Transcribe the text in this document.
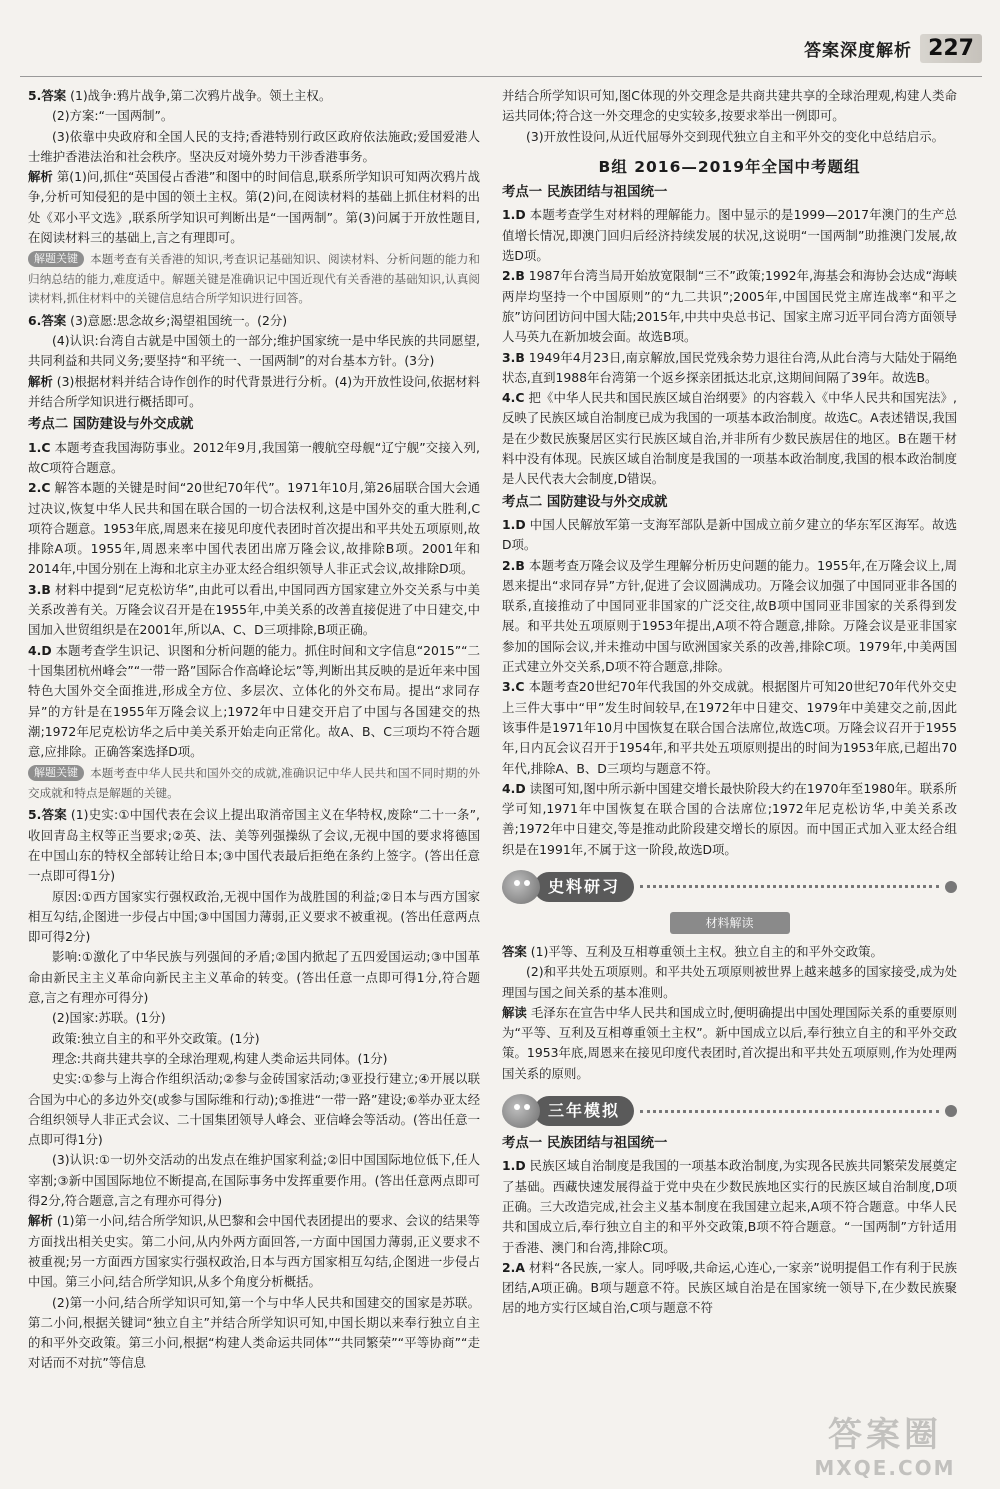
答案深度解析 227

5.答案 (1)战争:鸦片战争,第二次鸦片战争。领土主权。

(2)方案:“一国两制”。

(3)依靠中央政府和全国人民的支持;香港特别行政区政府依法施政;爱国爱港人士维护香港法治和社会秩序。坚决反对境外势力干涉香港事务。

解析 第(1)问,抓住“英国侵占香港”和图中的时间信息,联系所学知识可知两次鸦片战争,分析可知侵犯的是中国的领土主权。第(2)问,在阅读材料的基础上抓住材料的出处《邓小平文选》,联系所学知识可判断出是“一国两制”。第(3)问属于开放性题目,在阅读材料三的基础上,言之有理即可。

解题关键 本题考查有关香港的知识,考查识记基础知识、阅读材料、分析问题的能力和归纳总结的能力,难度适中。解题关键是准确识记中国近现代有关香港的基础知识,认真阅读材料,抓住材料中的关键信息结合所学知识进行回答。

6.答案 (3)意愿:思念故乡;渴望祖国统一。(2分)

(4)认识:台湾自古就是中国领土的一部分;维护国家统一是中华民族的共同愿望,共同利益和共同义务;要坚持“和平统一、一国两制”的对台基本方针。(3分)

解析 (3)根据材料并结合诗作创作的时代背景进行分析。(4)为开放性设问,依据材料并结合所学知识进行概括即可。

考点二 国防建设与外交成就

1.C 本题考查我国海防事业。2012年9月,我国第一艘航空母舰“辽宁舰”交接入列,故C项符合题意。

2.C 解答本题的关键是时间“20世纪70年代”。1971年10月,第26届联合国大会通过决议,恢复中华人民共和国在联合国的一切合法权利,这是中国外交的重大胜利,C项符合题意。1953年底,周恩来在接见印度代表团时首次提出和平共处五项原则,故排除A项。1955年,周恩来率中国代表团出席万隆会议,故排除B项。2001年和2014年,中国分别在上海和北京主办亚太经合组织领导人非正式会议,故排除D项。

3.B 材料中提到“尼克松访华”,由此可以看出,中国同西方国家建立外交关系与中美关系改善有关。万隆会议召开是在1955年,中美关系的改善直接促进了中日建交,中国加入世贸组织是在2001年,所以A、C、D三项排除,B项正确。

4.D 本题考查学生识记、识图和分析问题的能力。抓住时间和文字信息“2015”“二十国集团杭州峰会”“一带一路”国际合作高峰论坛”等,判断出其反映的是近年来中国特色大国外交全面推进,形成全方位、多层次、立体化的外交布局。提出“求同存异”的方针是在1955年万隆会议上;1972年中日建交开启了中国与各国建交的热潮;1972年尼克松访华之后中美关系开始走向正常化。故A、B、C三项均不符合题意,应排除。正确答案选择D项。

解题关键 本题考查中华人民共和国外交的成就,准确识记中华人民共和国不同时期的外交成就和特点是解题的关键。

5.答案 (1)史实:①中国代表在会议上提出取消帝国主义在华特权,废除“二十一条”,收回青岛主权等正当要求;②英、法、美等列强操纵了会议,无视中国的要求将德国在中国山东的特权全部转让给日本;③中国代表最后拒绝在条约上签字。(答出任意一点即可得1分)

原因:①西方国家实行强权政治,无视中国作为战胜国的利益;②日本与西方国家相互勾结,企图进一步侵占中国;③中国国力薄弱,正义要求不被重视。(答出任意两点即可得2分)

影响:①激化了中华民族与列强间的矛盾;②国内掀起了五四爱国运动;③中国革命由新民主主义革命向新民主主义革命的转变。(答出任意一点即可得1分,符合题意,言之有理亦可得分)

(2)国家:苏联。(1分)

政策:独立自主的和平外交政策。(1分)

理念:共商共建共享的全球治理观,构建人类命运共同体。(1分)

史实:①参与上海合作组织活动;②参与金砖国家活动;③亚投行建立;④开展以联合国为中心的多边外交(或参与国际维和行动);⑤推进“一带一路”建设;⑥举办亚太经合组织领导人非正式会议、二十国集团领导人峰会、亚信峰会等活动。(答出任意一点即可得1分)

(3)认识:①一切外交活动的出发点在维护国家利益;②旧中国国际地位低下,任人宰割;③新中国国际地位不断提高,在国际事务中发挥重要作用。(答出任意两点即可得2分,符合题意,言之有理亦可得分)

解析 (1)第一小问,结合所学知识,从巴黎和会中国代表团提出的要求、会议的结果等方面找出相关史实。第二小问,从内外两方面回答,一方面中国国力薄弱,正义要求不被重视;另一方面西方国家实行强权政治,日本与西方国家相互勾结,企图进一步侵占中国。第三小问,结合所学知识,从多个角度分析概括。

(2)第一小问,结合所学知识可知,第一个与中华人民共和国建交的国家是苏联。第二小问,根据关键词“独立自主”并结合所学知识可知,中国长期以来奉行独立自主的和平外交政策。第三小问,根据“构建人类命运共同体”“共同繁荣”“平等协商”“走对话而不对抗”等信息

并结合所学知识可知,图C体现的外交理念是共商共建共享的全球治理观,构建人类命运共同体;符合这一外交理念的史实较多,按要求举出一例即可。

(3)开放性设问,从近代屈辱外交到现代独立自主和平外交的变化中总结启示。

B组 2016—2019年全国中考题组
考点一 民族团结与祖国统一

1.D 本题考查学生对材料的理解能力。图中显示的是1999—2017年澳门的生产总值增长情况,即澳门回归后经济持续发展的状况,这说明“一国两制”助推澳门发展,故选D项。

2.B 1987年台湾当局开始放宽限制“三不”政策;1992年,海基会和海协会达成“海峡两岸均坚持一个中国原则”的“九二共识”;2005年,中国国民党主席连战率“和平之旅”访问团访问中国大陆;2015年,中共中央总书记、国家主席习近平同台湾方面领导人马英九在新加坡会面。故选B项。

3.B 1949年4月23日,南京解放,国民党残余势力退往台湾,从此台湾与大陆处于隔绝状态,直到1988年台湾第一个返乡探亲团抵达北京,这期间间隔了39年。故选B。

4.C 把《中华人民共和国民族区域自治纲要》的内容载入《中华人民共和国宪法》,反映了民族区域自治制度已成为我国的一项基本政治制度。故选C。A表述错误,我国是在少数民族聚居区实行民族区域自治,并非所有少数民族居住的地区。B在题干材料中没有体现。民族区域自治制度是我国的一项基本政治制度,我国的根本政治制度是人民代表大会制度,D错误。

考点二 国防建设与外交成就

1.D 中国人民解放军第一支海军部队是新中国成立前夕建立的华东军区海军。故选D项。

2.B 本题考查万隆会议及学生理解分析历史问题的能力。1955年,在万隆会议上,周恩来提出“求同存异”方针,促进了会议圆满成功。万隆会议加强了中国同亚非各国的联系,直接推动了中国同亚非国家的广泛交往,故B项中国同亚非国家的关系得到发展。和平共处五项原则于1953年提出,A项不符合题意,排除。万隆会议是亚非国家参加的国际会议,并未推动中国与欧洲国家关系的改善,排除C项。1979年,中美两国正式建立外交关系,D项不符合题意,排除。

3.C 本题考查20世纪70年代我国的外交成就。根据图片可知20世纪70年代外交史上三件大事中“甲”发生时间较早,在1972年中日建交、1979年中美建交之前,因此该事件是1971年10月中国恢复在联合国合法席位,故选C项。万隆会议召开于1955年,日内瓦会议召开于1954年,和平共处五项原则提出的时间为1953年底,已超出70年代,排除A、B、D三项均与题意不符。

4.D 读图可知,图中所示新中国建交增长最快阶段大约在1970年至1980年。联系所学可知,1971年中国恢复在联合国的合法席位;1972年尼克松访华,中美关系改善;1972年中日建交,等是推动此阶段建交增长的原因。而中国正式加入亚太经合组织是在1991年,不属于这一阶段,故选D项。

史料研习
材料解读

答案 (1)平等、互利及互相尊重领土主权。独立自主的和平外交政策。

(2)和平共处五项原则。和平共处五项原则被世界上越来越多的国家接受,成为处理国与国之间关系的基本准则。

解读 毛泽东在宣告中华人民共和国成立时,便明确提出中国处理国际关系的重要原则为“平等、互利及互相尊重领土主权”。新中国成立以后,奉行独立自主的和平外交政策。1953年底,周恩来在接见印度代表团时,首次提出和平共处五项原则,作为处理两国关系的原则。

三年模拟
考点一 民族团结与祖国统一

1.D 民族区域自治制度是我国的一项基本政治制度,为实现各民族共同繁荣发展奠定了基础。西藏快速发展得益于党中央在少数民族地区实行的民族区域自治制度,D项正确。三大改造完成,社会主义基本制度在我国建立起来,A项不符合题意。中华人民共和国成立后,奉行独立自主的和平外交政策,B项不符合题意。“一国两制”方针适用于香港、澳门和台湾,排除C项。

2.A 材料“各民族,一家人。同呼吸,共命运,心连心,一家亲”说明提倡工作有利于民族团结,A项正确。B项与题意不符。民族区域自治是在国家统一领导下,在少数民族聚居的地方实行区域自治,C项与题意不符

答案圈
MXQE.COM
